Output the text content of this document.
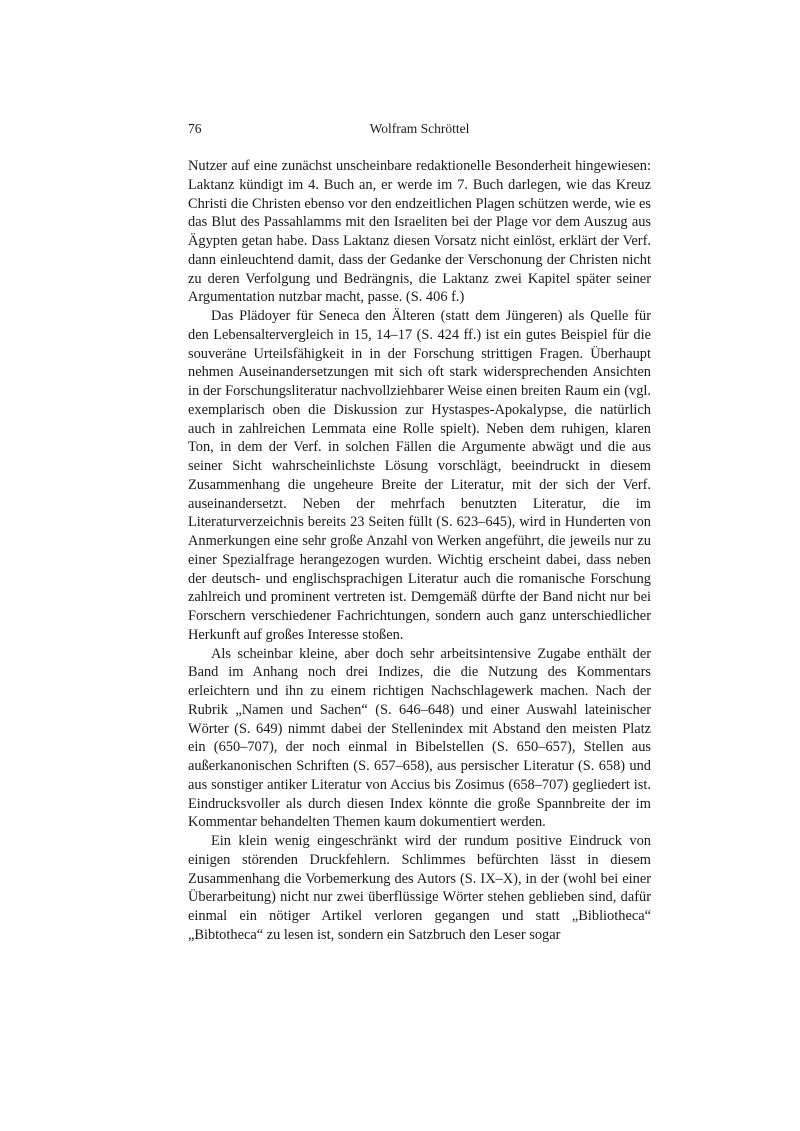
76	Wolfram Schröttel

Nutzer auf eine zunächst unscheinbare redaktionelle Besonderheit hingewiesen: Laktanz kündigt im 4. Buch an, er werde im 7. Buch darlegen, wie das Kreuz Christi die Christen ebenso vor den endzeitlichen Plagen schützen werde, wie es das Blut des Passahlamms mit den Israeliten bei der Plage vor dem Auszug aus Ägypten getan habe. Dass Laktanz diesen Vorsatz nicht einlöst, erklärt der Verf. dann einleuchtend damit, dass der Gedanke der Verschonung der Christen nicht zu deren Verfolgung und Bedrängnis, die Laktanz zwei Kapitel später seiner Argumentation nutzbar macht, passe. (S. 406 f.)

Das Plädoyer für Seneca den Älteren (statt dem Jüngeren) als Quelle für den Lebensaltervergleich in 15, 14–17 (S. 424 ff.) ist ein gutes Beispiel für die souveräne Urteilsfähigkeit in in der Forschung strittigen Fragen. Überhaupt nehmen Auseinandersetzungen mit sich oft stark widersprechenden Ansichten in der Forschungsliteratur nachvollziehbarer Weise einen breiten Raum ein (vgl. exemplarisch oben die Diskussion zur Hystaspes-Apokalypse, die natürlich auch in zahlreichen Lemmata eine Rolle spielt). Neben dem ruhigen, klaren Ton, in dem der Verf. in solchen Fällen die Argumente abwägt und die aus seiner Sicht wahrscheinlichste Lösung vorschlägt, beeindruckt in diesem Zusammenhang die ungeheure Breite der Literatur, mit der sich der Verf. auseinandersetzt. Neben der mehrfach benutzten Literatur, die im Literaturverzeichnis bereits 23 Seiten füllt (S. 623–645), wird in Hunderten von Anmerkungen eine sehr große Anzahl von Werken angeführt, die jeweils nur zu einer Spezialfrage herangezogen wurden. Wichtig erscheint dabei, dass neben der deutsch- und englischsprachigen Literatur auch die romanische Forschung zahlreich und prominent vertreten ist. Demgemäß dürfte der Band nicht nur bei Forschern verschiedener Fachrichtungen, sondern auch ganz unterschiedlicher Herkunft auf großes Interesse stoßen.

Als scheinbar kleine, aber doch sehr arbeitsintensive Zugabe enthält der Band im Anhang noch drei Indizes, die die Nutzung des Kommentars erleichtern und ihn zu einem richtigen Nachschlagewerk machen. Nach der Rubrik „Namen und Sachen“ (S. 646–648) und einer Auswahl lateinischer Wörter (S. 649) nimmt dabei der Stellenindex mit Abstand den meisten Platz ein (650–707), der noch einmal in Bibelstellen (S. 650–657), Stellen aus außerkanonischen Schriften (S. 657–658), aus persischer Literatur (S. 658) und aus sonstiger antiker Literatur von Accius bis Zosimus (658–707) gegliedert ist. Eindrucksvoller als durch diesen Index könnte die große Spannbreite der im Kommentar behandelten Themen kaum dokumentiert werden.

Ein klein wenig eingeschränkt wird der rundum positive Eindruck von einigen störenden Druckfehlern. Schlimmes befürchten lässt in diesem Zusammenhang die Vorbemerkung des Autors (S. IX–X), in der (wohl bei einer Überarbeitung) nicht nur zwei überflüssige Wörter stehen geblieben sind, dafür einmal ein nötiger Artikel verloren gegangen und statt „Bibliotheca“ „Bibtotheca“ zu lesen ist, sondern ein Satzbruch den Leser sogar
